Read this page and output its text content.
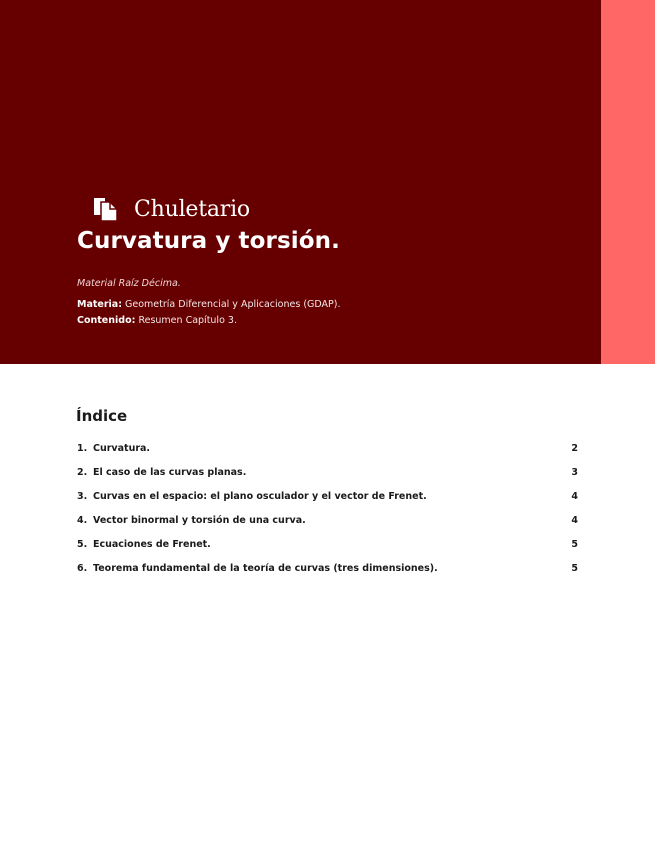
Chuletario
Curvatura y torsión.
Material Raíz Décima.
Materia: Geometría Diferencial y Aplicaciones (GDAP).
Contenido: Resumen Capítulo 3.
Índice
1. Curvatura.	2
2. El caso de las curvas planas.	3
3. Curvas en el espacio: el plano osculador y el vector de Frenet.	4
4. Vector binormal y torsión de una curva.	4
5. Ecuaciones de Frenet.	5
6. Teorema fundamental de la teoría de curvas (tres dimensiones).	5
